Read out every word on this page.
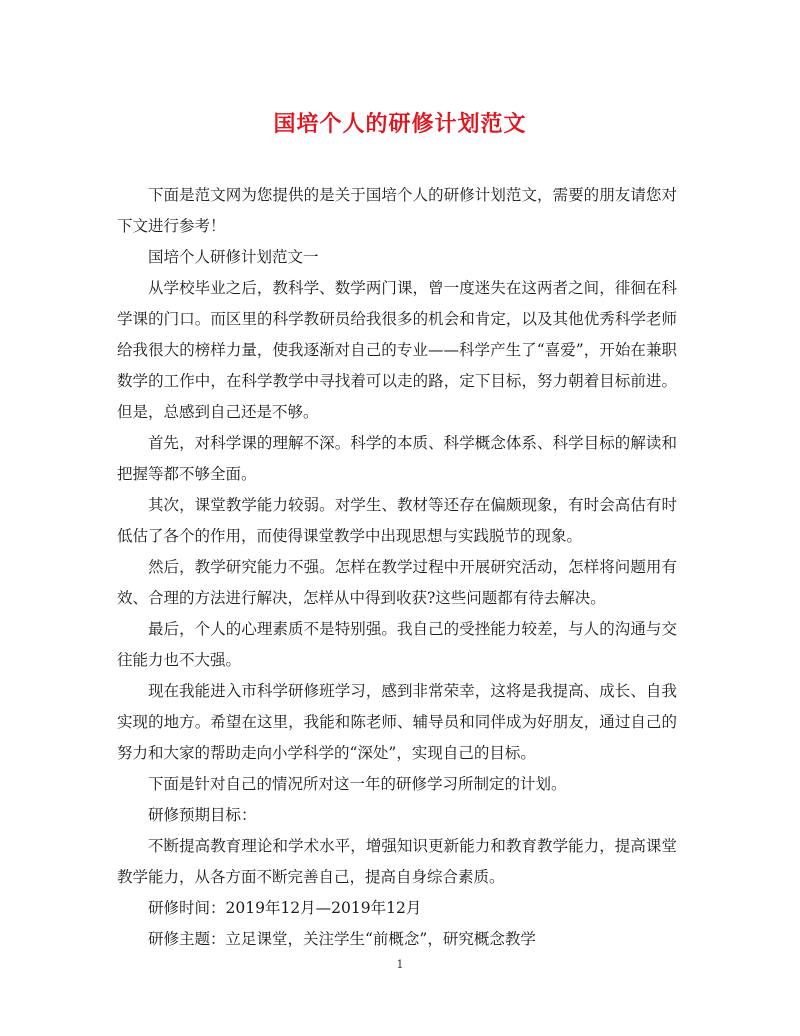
国培个人的研修计划范文

下面是范文网为您提供的是关于国培个人的研修计划范文，需要的朋友请您对下文进行参考！

国培个人研修计划范文一

从学校毕业之后，教科学、数学两门课，曾一度迷失在这两者之间，徘徊在科学课的门口。而区里的科学教研员给我很多的机会和肯定，以及其他优秀科学老师给我很大的榜样力量，使我逐渐对自己的专业——科学产生了“喜爱”，开始在兼职数学的工作中，在科学教学中寻找着可以走的路，定下目标，努力朝着目标前进。但是，总感到自己还是不够。

首先，对科学课的理解不深。科学的本质、科学概念体系、科学目标的解读和把握等都不够全面。

其次，课堂教学能力较弱。对学生、教材等还存在偏颇现象，有时会高估有时低估了各个的作用，而使得课堂教学中出现思想与实践脱节的现象。

然后，教学研究能力不强。怎样在教学过程中开展研究活动，怎样将问题用有效、合理的方法进行解决，怎样从中得到收获?这些问题都有待去解决。

最后，个人的心理素质不是特别强。我自己的受挫能力较差，与人的沟通与交往能力也不大强。

现在我能进入市科学研修班学习，感到非常荣幸，这将是我提高、成长、自我实现的地方。希望在这里，我能和陈老师、辅导员和同伴成为好朋友，通过自己的努力和大家的帮助走向小学科学的“深处”，实现自己的目标。

下面是针对自己的情况所对这一年的研修学习所制定的计划。

研修预期目标：

不断提高教育理论和学术水平，增强知识更新能力和教育教学能力，提高课堂教学能力，从各方面不断完善自己，提高自身综合素质。

研修时间：2019年12月—2019年12月

研修主题：立足课堂，关注学生“前概念”，研究概念教学

1
